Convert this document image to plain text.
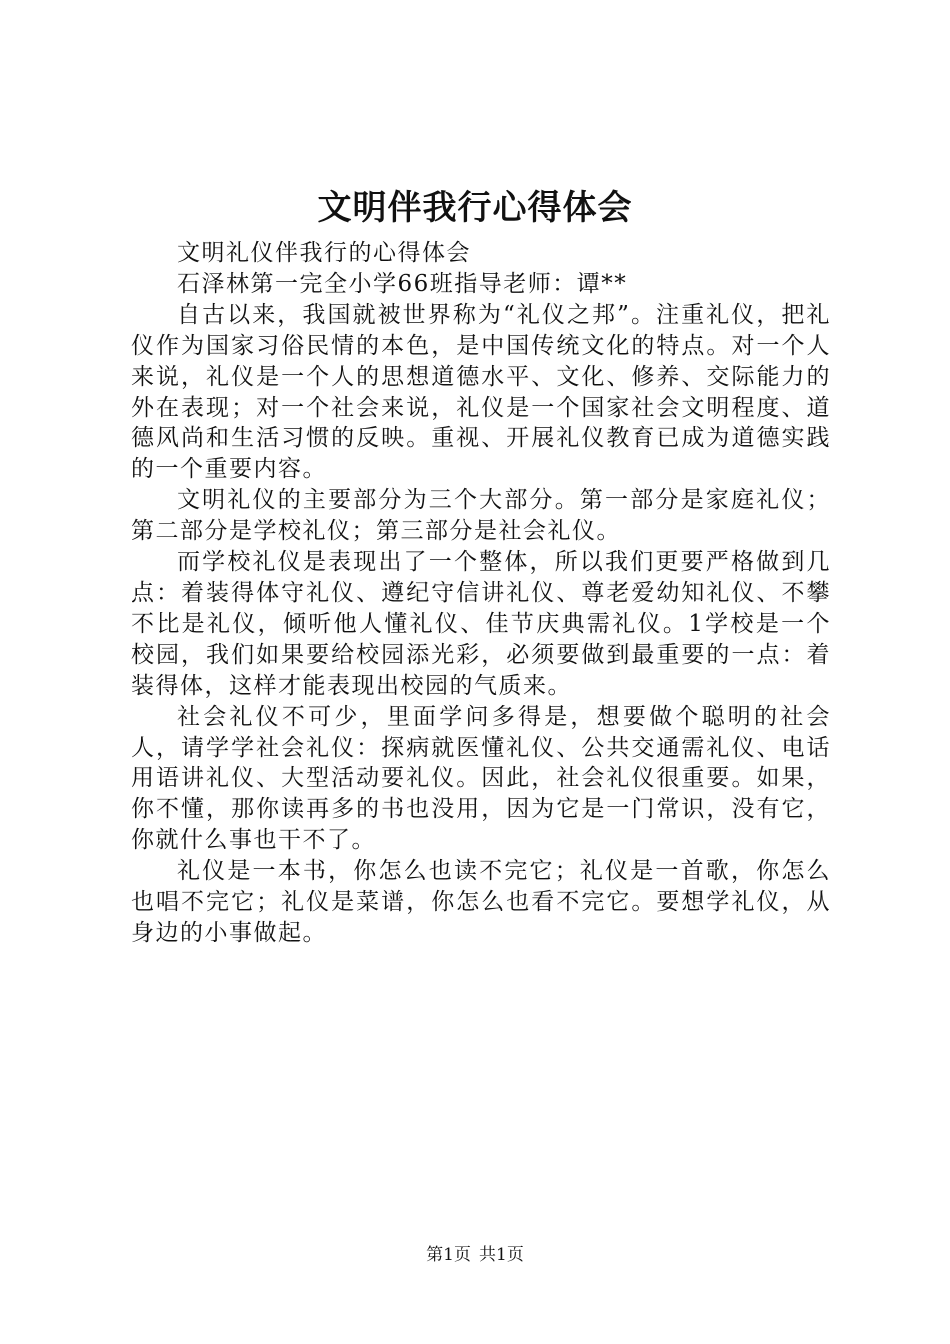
文明伴我行心得体会

文明礼仪伴我行的心得体会

石泽林第一完全小学66班指导老师：谭**

自古以来，我国就被世界称为“礼仪之邦”。注重礼仪，把礼仪作为国家习俗民情的本色，是中国传统文化的特点。对一个人来说，礼仪是一个人的思想道德水平、文化、修养、交际能力的外在表现；对一个社会来说，礼仪是一个国家社会文明程度、道德风尚和生活习惯的反映。重视、开展礼仪教育已成为道德实践的一个重要内容。

文明礼仪的主要部分为三个大部分。第一部分是家庭礼仪；第二部分是学校礼仪；第三部分是社会礼仪。

而学校礼仪是表现出了一个整体，所以我们更要严格做到几点：着装得体守礼仪、遵纪守信讲礼仪、尊老爱幼知礼仪、不攀不比是礼仪，倾听他人懂礼仪、佳节庆典需礼仪。1学校是一个校园，我们如果要给校园添光彩，必须要做到最重要的一点：着装得体，这样才能表现出校园的气质来。

社会礼仪不可少，里面学问多得是，想要做个聪明的社会人，请学学社会礼仪：探病就医懂礼仪、公共交通需礼仪、电话用语讲礼仪、大型活动要礼仪。因此，社会礼仪很重要。如果，你不懂，那你读再多的书也没用，因为它是一门常识，没有它，你就什么事也干不了。

礼仪是一本书，你怎么也读不完它；礼仪是一首歌，你怎么也唱不完它；礼仪是菜谱，你怎么也看不完它。要想学礼仪，从身边的小事做起。

第1页 共1页
